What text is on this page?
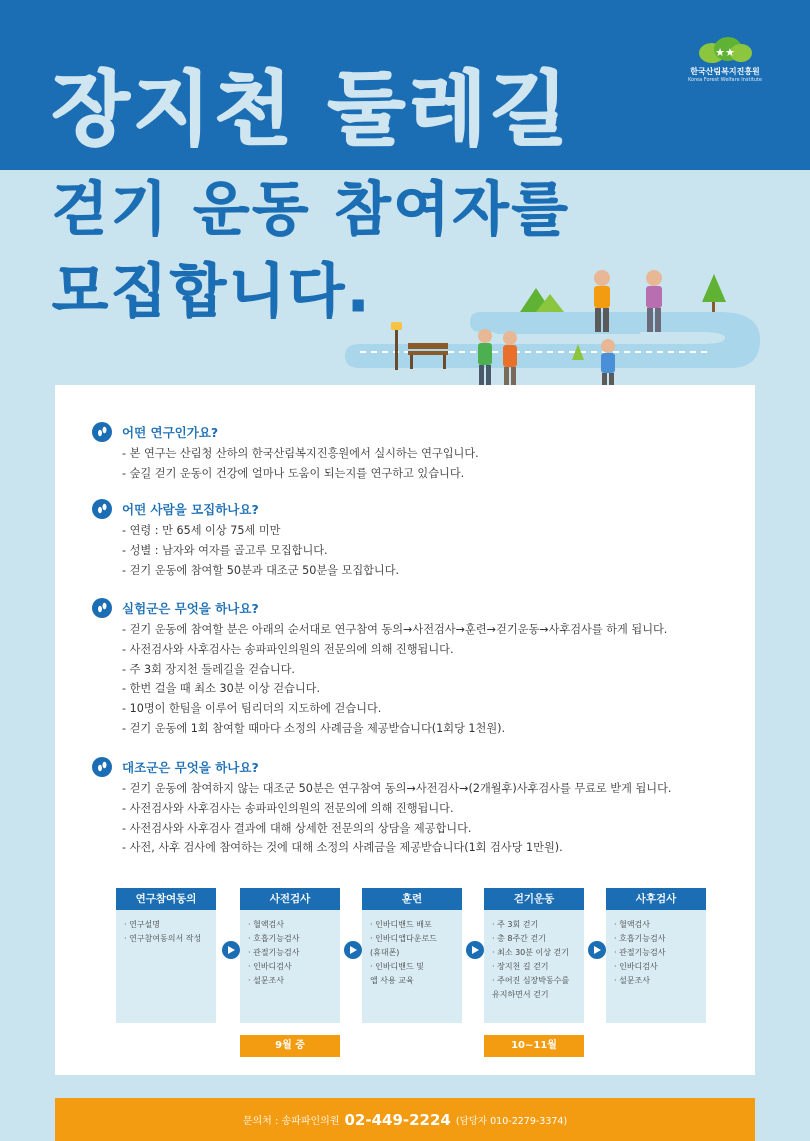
★★
한국산림복지진흥원
Korea Forest Welfare Institute
장지천 둘레길
걷기 운동 참여자를
모집합니다.
어떤 연구인가요?
- 본 연구는 산림청 산하의 한국산림복지진흥원에서 실시하는 연구입니다.
- 숲길 걷기 운동이 건강에 얼마나 도움이 되는지를 연구하고 있습니다.
어떤 사람을 모집하나요?
- 연령 : 만 65세 이상 75세 미만
- 성별 : 남자와 여자를 골고루 모집합니다.
- 걷기 운동에 참여할 50분과 대조군 50분을 모집합니다.
실험군은 무엇을 하나요?
- 걷기 운동에 참여할 분은 아래의 순서대로 연구참여 동의→사전검사→훈련→걷기운동→사후검사를 하게 됩니다.
- 사전검사와 사후검사는 송파파인의원의 전문의에 의해 진행됩니다.
- 주 3회 장지천 둘레길을 걷습니다.
- 한번 걸을 때 최소 30분 이상 걷습니다.
- 10명이 한팀을 이루어 팀리더의 지도하에 걷습니다.
- 걷기 운동에 1회 참여할 때마다 소정의 사례금을 제공받습니다(1회당 1천원).
대조군은 무엇을 하나요?
- 걷기 운동에 참여하지 않는 대조군 50분은 연구참여 동의→사전검사→(2개월후)사후검사를 무료로 받게 됩니다.
- 사전검사와 사후검사는 송파파인의원의 전문의에 의해 진행됩니다.
- 사전검사와 사후검사 결과에 대해 상세한 전문의의 상담을 제공합니다.
- 사전, 사후 검사에 참여하는 것에 대해 소정의 사례금을 제공받습니다(1회 검사당 1만원).
연구참여동의
· 연구설명
· 연구참여동의서 작성
사전검사
· 혈액검사
· 호흡기능검사
· 관절기능검사
· 인바디검사
· 설문조사
훈련
· 인바디밴드 배포
· 인바디앱다운로드
(휴대폰)
· 인바디밴드 및
앱 사용 교육
걷기운동
· 주 3회 걷기
· 총 8주간 걷기
· 최소 30분 이상 걷기
· 장지천 길 걷기
· 주어진 심장박동수를
유지하면서 걷기
사후검사
· 혈액검사
· 호흡기능검사
· 관절기능검사
· 인바디검사
· 설문조사
9월 중	10~11월
문의처 : 송파파인의원 02-449-2224 (담당자 010-2279-3374)
